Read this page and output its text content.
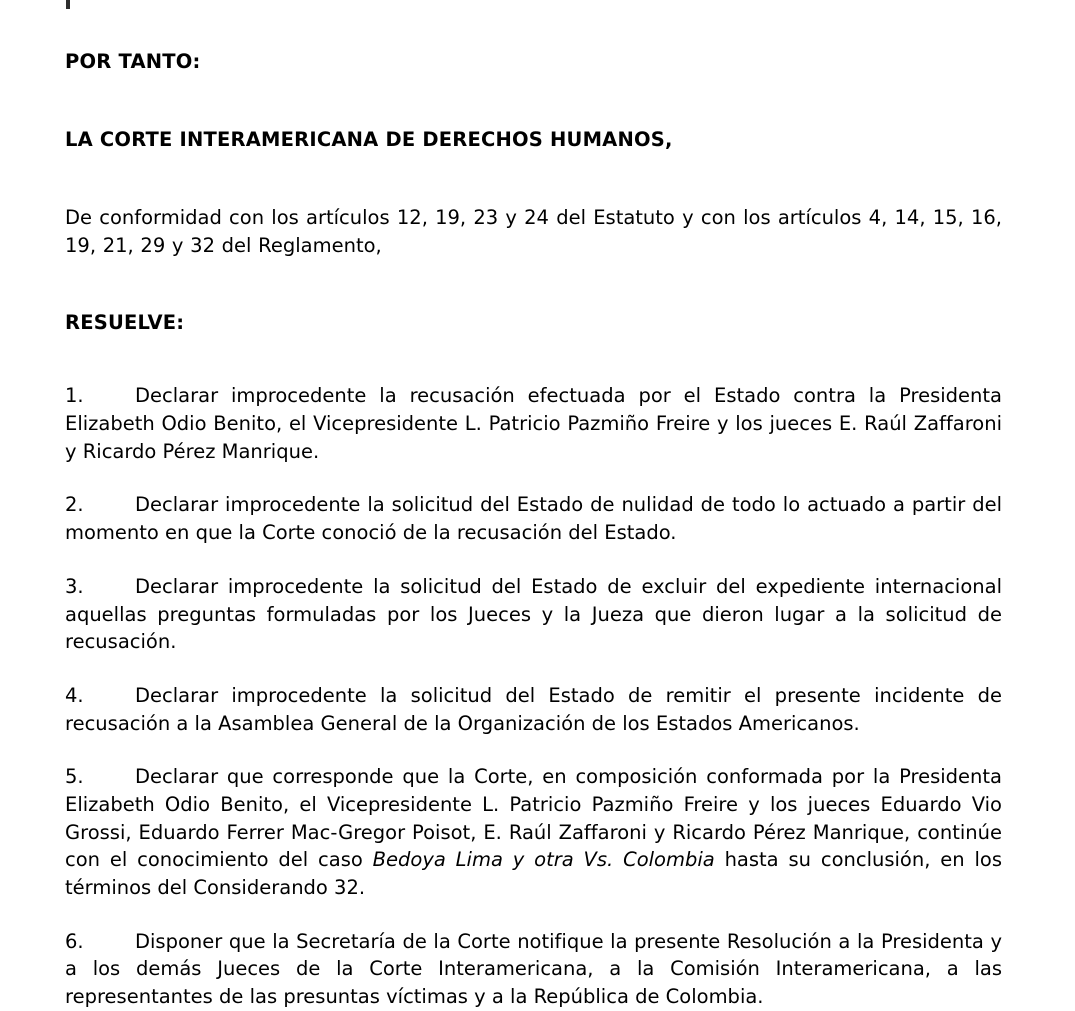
POR TANTO:

LA CORTE INTERAMERICANA DE DERECHOS HUMANOS,

De conformidad con los artículos 12, 19, 23 y 24 del Estatuto y con los artículos 4, 14, 15, 16, 19, 21, 29 y 32 del Reglamento,

RESUELVE:

1.	Declarar improcedente la recusación efectuada por el Estado contra la Presidenta Elizabeth Odio Benito, el Vicepresidente L. Patricio Pazmiño Freire y los jueces E. Raúl Zaffaroni y Ricardo Pérez Manrique.

2.	Declarar improcedente la solicitud del Estado de nulidad de todo lo actuado a partir del momento en que la Corte conoció de la recusación del Estado.

3.	Declarar improcedente la solicitud del Estado de excluir del expediente internacional aquellas preguntas formuladas por los Jueces y la Jueza que dieron lugar a la solicitud de recusación.

4.	Declarar improcedente la solicitud del Estado de remitir el presente incidente de recusación a la Asamblea General de la Organización de los Estados Americanos.

5.	Declarar que corresponde que la Corte, en composición conformada por la Presidenta Elizabeth Odio Benito, el Vicepresidente L. Patricio Pazmiño Freire y los jueces Eduardo Vio Grossi, Eduardo Ferrer Mac-Gregor Poisot, E. Raúl Zaffaroni y Ricardo Pérez Manrique, continúe con el conocimiento del caso Bedoya Lima y otra Vs. Colombia hasta su conclusión, en los términos del Considerando 32.

6.	Disponer que la Secretaría de la Corte notifique la presente Resolución a la Presidenta y a los demás Jueces de la Corte Interamericana, a la Comisión Interamericana, a las representantes de las presuntas víctimas y a la República de Colombia.
